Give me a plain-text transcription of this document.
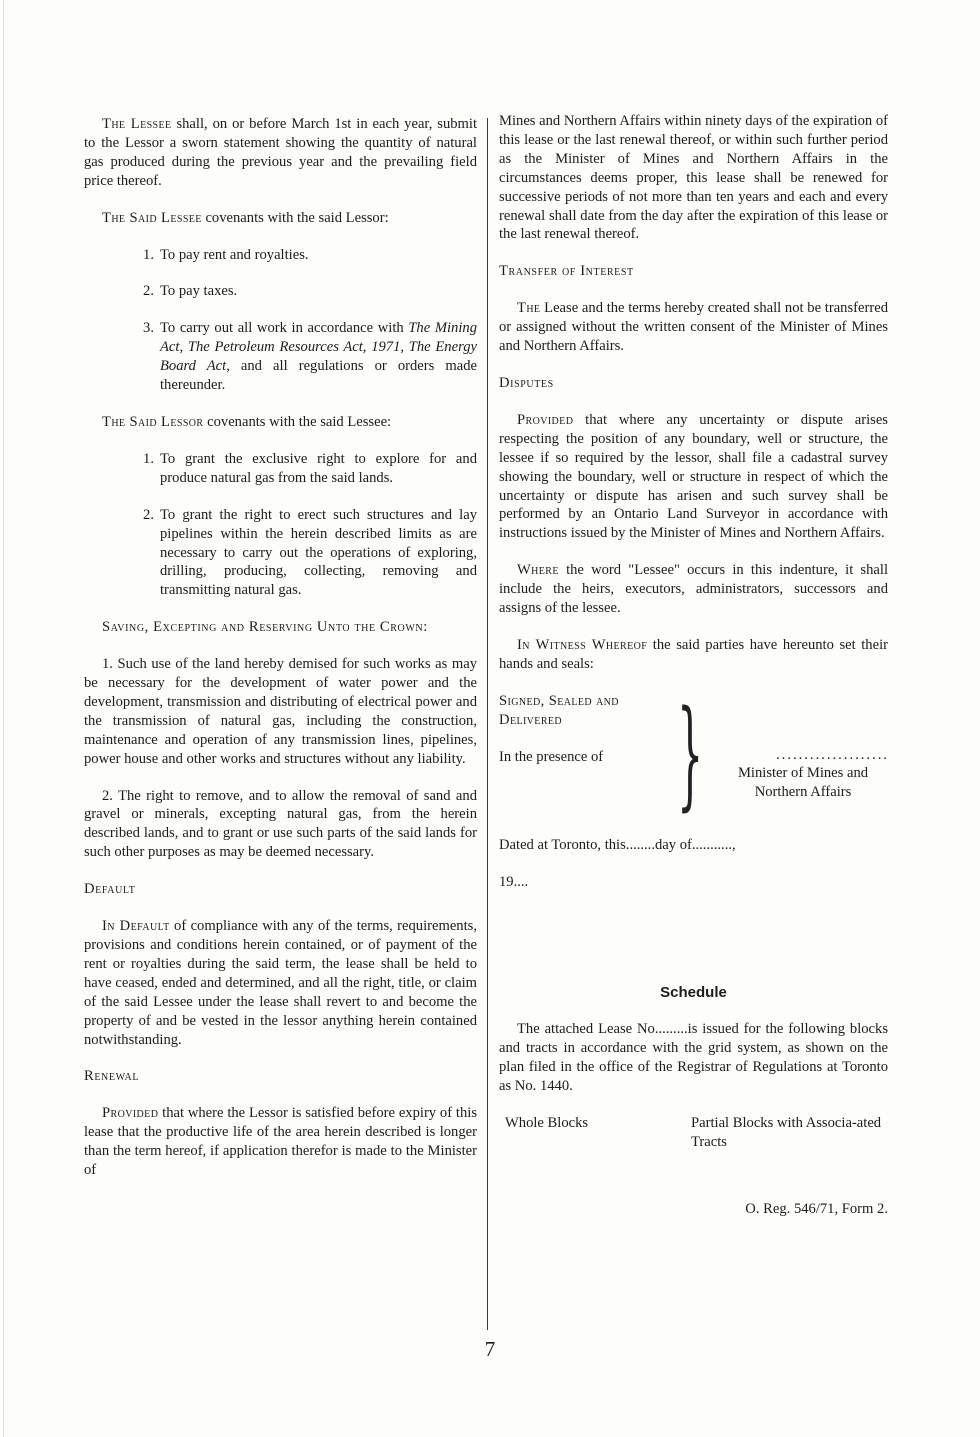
The Lessee shall, on or before March 1st in each year, submit to the Lessor a sworn statement showing the quantity of natural gas produced during the previous year and the prevailing field price thereof.

The Said Lessee covenants with the said Lessor:

1. To pay rent and royalties.
2. To pay taxes.
3. To carry out all work in accordance with The Mining Act, The Petroleum Resources Act, 1971, The Energy Board Act, and all regulations or orders made thereunder.

The Said Lessor covenants with the said Lessee:

1. To grant the exclusive right to explore for and produce natural gas from the said lands.
2. To grant the right to erect such structures and lay pipelines within the herein described limits as are necessary to carry out the operations of exploring, drilling, producing, collecting, removing and transmitting natural gas.

Saving, Excepting and Reserving Unto the Crown:

1. Such use of the land hereby demised for such works as may be necessary for the development of water power and the development, transmission and distributing of electrical power and the transmission of natural gas, including the construction, maintenance and operation of any transmission lines, pipelines, power house and other works and structures without any liability.

2. The right to remove, and to allow the removal of sand and gravel or minerals, excepting natural gas, from the herein described lands, and to grant or use such parts of the said lands for such other purposes as may be deemed necessary.

Default

In Default of compliance with any of the terms, requirements, provisions and conditions herein contained, or of payment of the rent or royalties during the said term, the lease shall be held to have ceased, ended and determined, and all the right, title, or claim of the said Lessee under the lease shall revert to and become the property of and be vested in the lessor anything herein contained notwithstanding.

Renewal

Provided that where the Lessor is satisfied before expiry of this lease that the productive life of the area herein described is longer than the term hereof, if application therefor is made to the Minister of

Mines and Northern Affairs within ninety days of the expiration of this lease or the last renewal thereof, or within such further period as the Minister of Mines and Northern Affairs in the circumstances deems proper, this lease shall be renewed for successive periods of not more than ten years and each and every renewal shall date from the day after the expiration of this lease or the last renewal thereof.

Transfer of Interest

The Lease and the terms hereby created shall not be transferred or assigned without the written consent of the Minister of Mines and Northern Affairs.

Disputes

Provided that where any uncertainty or dispute arises respecting the position of any boundary, well or structure, the lessee if so required by the lessor, shall file a cadastral survey showing the boundary, well or structure in respect of which the uncertainty or dispute has arisen and such survey shall be performed by an Ontario Land Surveyor in accordance with instructions issued by the Minister of Mines and Northern Affairs.

Where the word "Lessee" occurs in this indenture, it shall include the heirs, executors, administrators, successors and assigns of the lessee.

In Witness Whereof the said parties have hereunto set their hands and seals:

Signed, Sealed and Delivered
In the presence of }	....................
Minister of Mines and Northern Affairs

Dated at Toronto, this........day of...........,

19....

Schedule

The attached Lease No.........is issued for the following blocks and tracts in accordance with the grid system, as shown on the plan filed in the office of the Registrar of Regulations at Toronto as No. 1440.

Whole Blocks	Partial Blocks with Associa-ated Tracts

O. Reg. 546/71, Form 2.

7
